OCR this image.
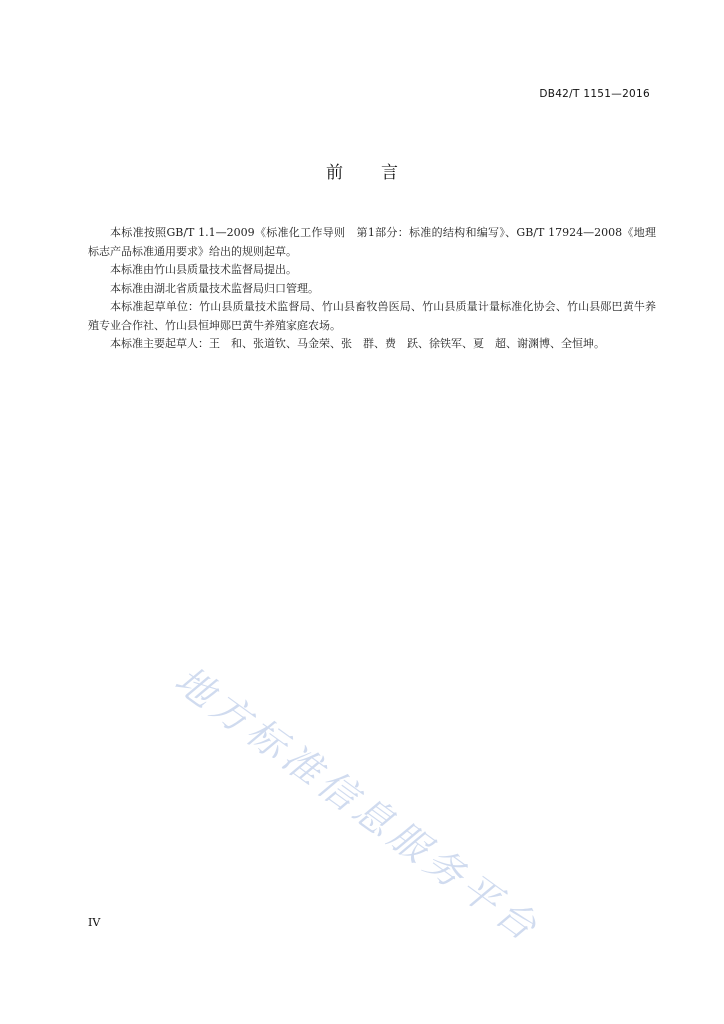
DB42/T 1151—2016
前言

本标准按照GB/T 1.1—2009《标准化工作导则　第1部分：标准的结构和编写》、GB/T 17924—2008《地理标志产品标准通用要求》给出的规则起草。

本标准由竹山县质量技术监督局提出。

本标准由湖北省质量技术监督局归口管理。

本标准起草单位：竹山县质量技术监督局、竹山县畜牧兽医局、竹山县质量计量标准化协会、竹山县郧巴黄牛养殖专业合作社、竹山县恒坤郧巴黄牛养殖家庭农场。

本标准主要起草人：王　和、张道钦、马金荣、张　群、费　跃、徐铁军、夏　超、谢渊博、全恒坤。

地方标准信息服务平台
IV
